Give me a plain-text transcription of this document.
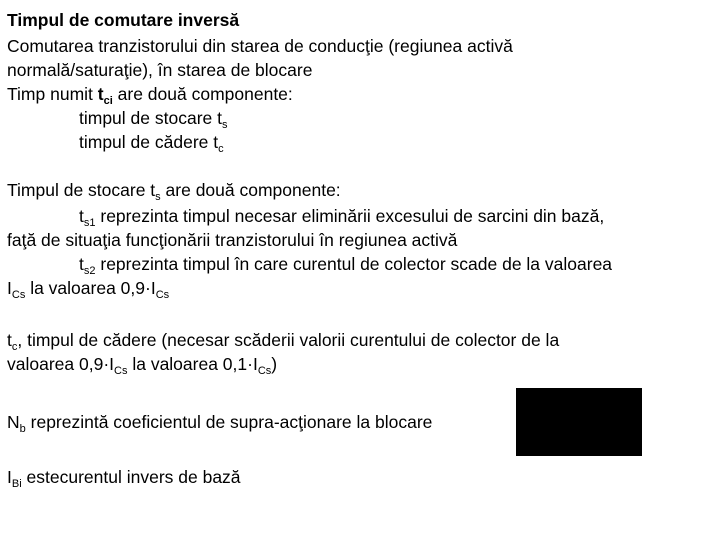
Timpul de comutare inversă
Comutarea tranzistorului din starea de conducţie (regiunea activă
normală/saturaţie), în starea de blocare
Timp numit $t_{ci}$ are două componente:
timpul de stocare $t_s$
timpul de cădere $t_c$
Timpul de stocare $t_s$ are două componente:
$t_{s1}$ reprezinta timpul necesar eliminării excesului de sarcini din bază,
faţă de situaţia funcţionării tranzistorului în regiunea activă
$t_{s2}$ reprezinta timpul în care curentul de colector scade de la valoarea
$I_{Cs}$ la valoarea $0,9\cdot I_{Cs}$
$t_c$, timpul de cădere (necesar scăderii valorii curentului de colector de la
valoarea $0,9\cdot I_{Cs}$ la valoarea $0,1\cdot I_{Cs}$)
$N_b$ reprezintă coeficientul de supra-acţionare la blocare
$I_{Bi}$ estecurentul invers de bază
